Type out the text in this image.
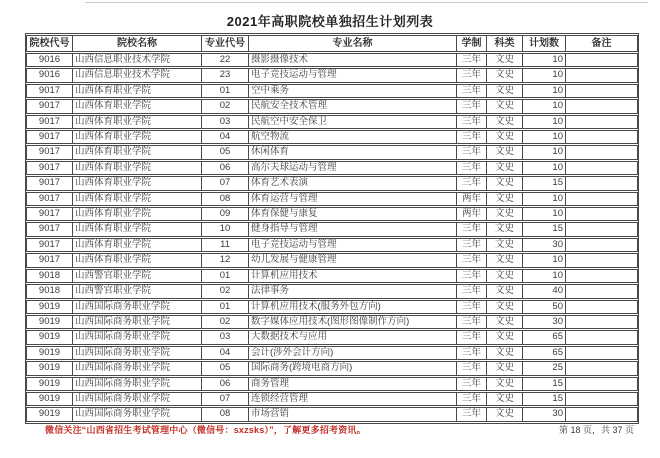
2021年高职院校单独招生计划列表
院校代号	院校名称	专业代号	专业名称	学制	科类	计划数	备注
9016	山西信息职业技术学院	22	摄影摄像技术	三年	文史	10	
9016	山西信息职业技术学院	23	电子竞技运动与管理	三年	文史	10	
9017	山西体育职业学院	01	空中乘务	三年	文史	10	
9017	山西体育职业学院	02	民航安全技术管理	三年	文史	10	
9017	山西体育职业学院	03	民航空中安全保卫	三年	文史	10	
9017	山西体育职业学院	04	航空物流	三年	文史	10	
9017	山西体育职业学院	05	休闲体育	三年	文史	10	
9017	山西体育职业学院	06	高尔夫球运动与管理	三年	文史	10	
9017	山西体育职业学院	07	体育艺术表演	三年	文史	15	
9017	山西体育职业学院	08	体育运营与管理	两年	文史	10	
9017	山西体育职业学院	09	体育保健与康复	两年	文史	10	
9017	山西体育职业学院	10	健身指导与管理	三年	文史	15	
9017	山西体育职业学院	11	电子竞技运动与管理	三年	文史	30	
9017	山西体育职业学院	12	幼儿发展与健康管理	三年	文史	10	
9018	山西警官职业学院	01	计算机应用技术	三年	文史	10	
9018	山西警官职业学院	02	法律事务	三年	文史	40	
9019	山西国际商务职业学院	01	计算机应用技术(服务外包方向)	三年	文史	50	
9019	山西国际商务职业学院	02	数字媒体应用技术(图形图像制作方向)	三年	文史	30	
9019	山西国际商务职业学院	03	大数据技术与应用	三年	文史	65	
9019	山西国际商务职业学院	04	会计(涉外会计方向)	三年	文史	65	
9019	山西国际商务职业学院	05	国际商务(跨境电商方向)	三年	文史	25	
9019	山西国际商务职业学院	06	商务管理	三年	文史	15	
9019	山西国际商务职业学院	07	连锁经营管理	三年	文史	15	
9019	山西国际商务职业学院	08	市场营销	三年	文史	30	
微信关注“山西省招生考试管理中心（微信号：sxzsks）”，了解更多招考资讯。	第 18 页，共 37 页
